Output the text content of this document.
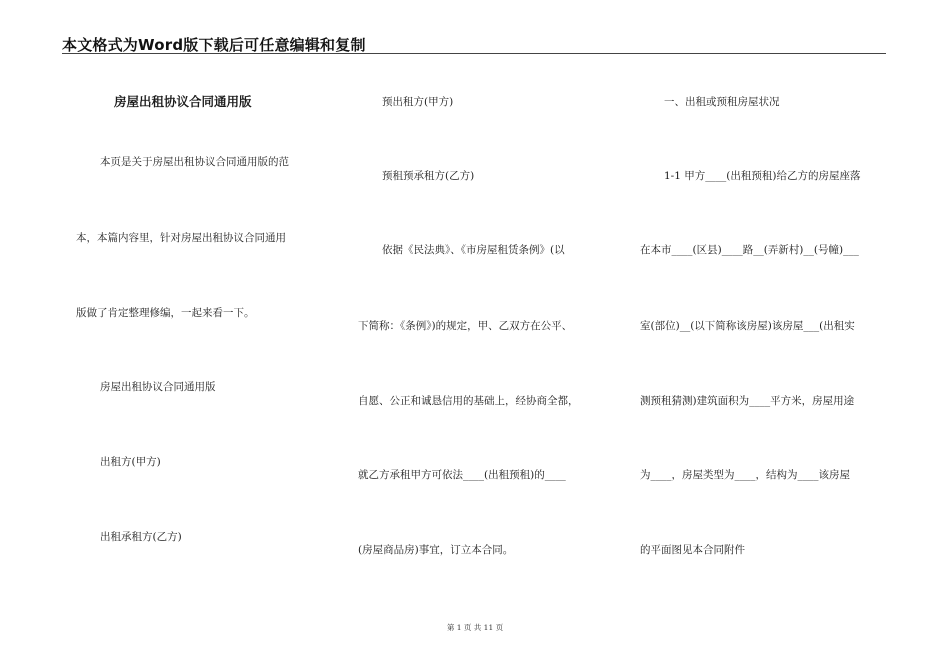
本文格式为Word版下载后可任意编辑和复制
房屋出租协议合同通用版
本页是关于房屋出租协议合同通用版的范
本，本篇内容里，针对房屋出租协议合同通用
版做了肯定整理修编，一起来看一下。
房屋出租协议合同通用版
出租方(甲方)
出租承租方(乙方)
预出租方(甲方)
预租预承租方(乙方)
依据《民法典》、《市房屋租赁条例》(以
下简称：《条例》)的规定，甲、乙双方在公平、
自愿、公正和诚恳信用的基础上，经协商全都，
就乙方承租甲方可依法____(出租预租)的____
(房屋商品房)事宜，订立本合同。
一、出租或预租房屋状况
1-1 甲方____(出租预租)给乙方的房屋座落
在本市____(区县)____路__(弄新村)__(号幢)___
室(部位)__(以下简称该房屋)该房屋___(出租实
测预租猜测)建筑面积为____平方米，房屋用途
为____，房屋类型为____，结构为____该房屋
的平面图见本合同附件
第 1 页 共 11 页
